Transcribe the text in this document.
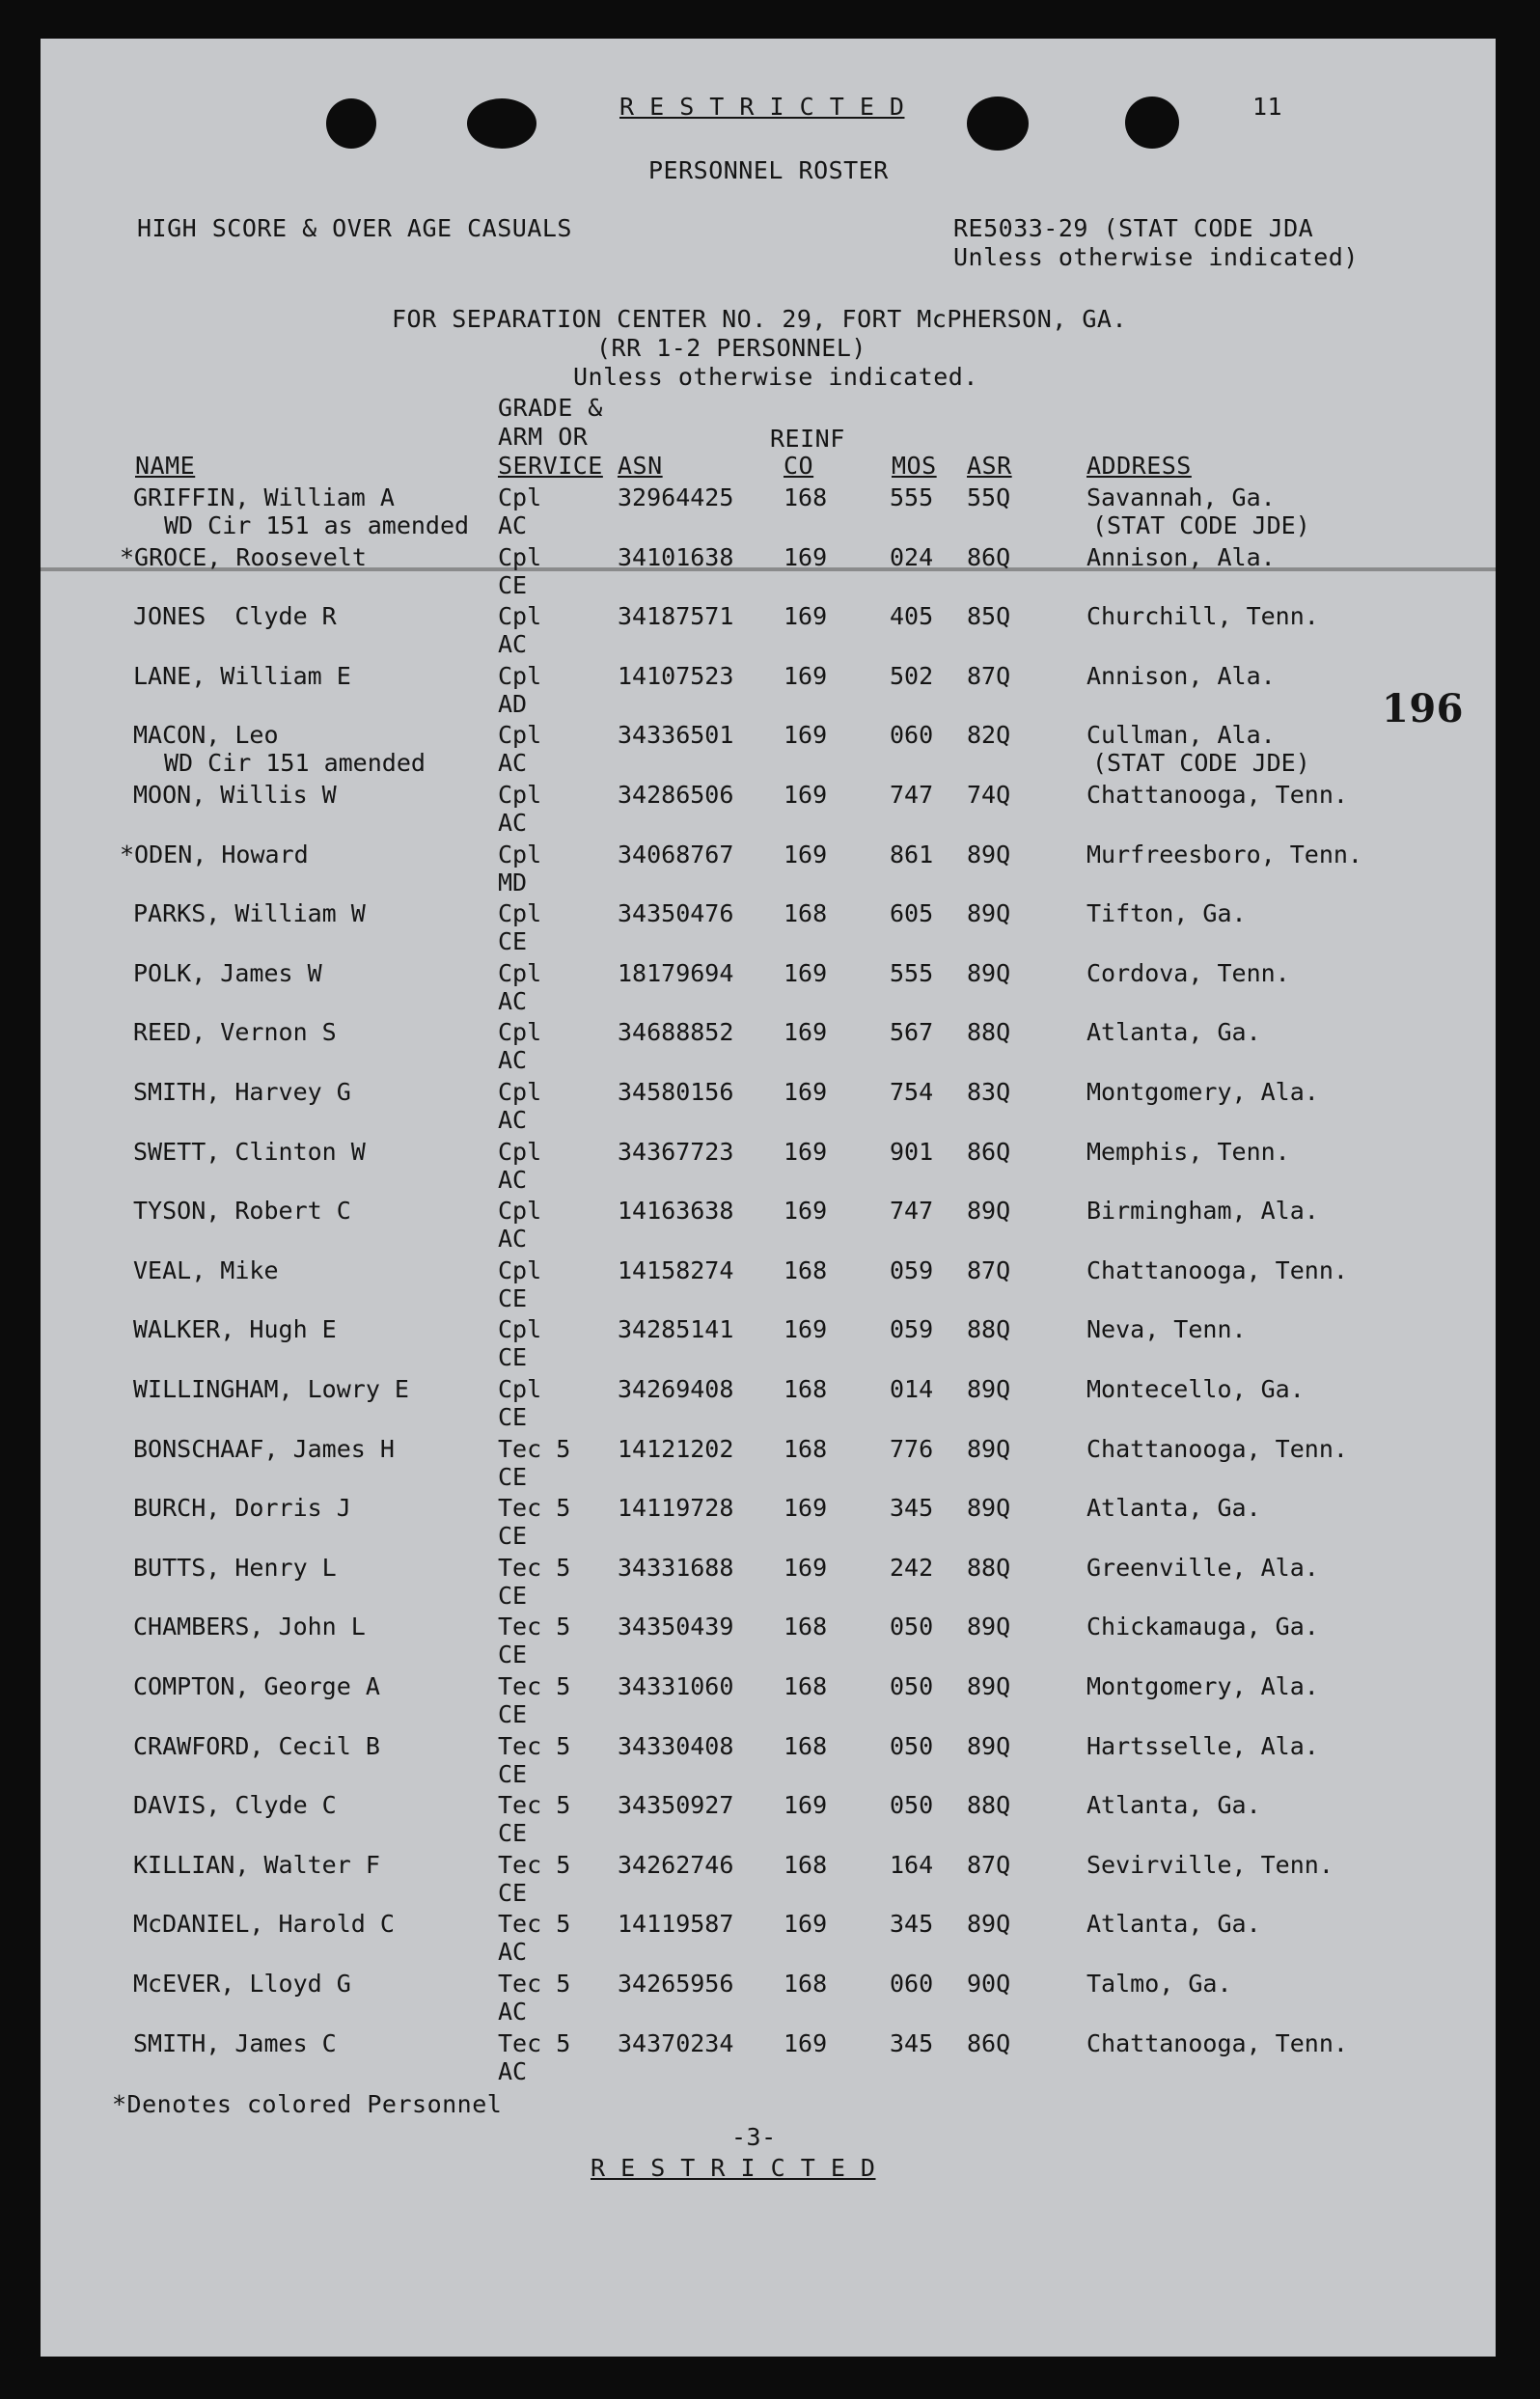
R E S T R I C T E D	11
PERSONNEL ROSTER
HIGH SCORE & OVER AGE CASUALS	RE5033-29 (STAT CODE JDA
Unless otherwise indicated)
FOR SEPARATION CENTER NO. 29, FORT McPHERSON, GA.
(RR 1-2 PERSONNEL)
Unless otherwise indicated.
196
GRADE &
ARM OR
SERVICE
NAME	ASN
REINF
CO	MOS ASR	ADDRESS
GRIFFIN, William A	Cpl	32964425 168	555 55Q	Savannah, Ga.
AC
WD Cir 151 as amended	(STAT CODE JDE)
*GROCE, Roosevelt	Cpl	34101638 169	024 86Q	Annison, Ala.
CE
JONES  Clyde R	Cpl	34187571 169	405 85Q	Churchill, Tenn.
AC
LANE, William E	Cpl	14107523 169	502 87Q	Annison, Ala.
AD
MACON, Leo	Cpl	34336501 169	060 82Q	Cullman, Ala.
AC
WD Cir 151 amended	(STAT CODE JDE)
MOON, Willis W	Cpl	34286506 169	747 74Q	Chattanooga, Tenn.
AC
*ODEN, Howard	Cpl	34068767 169	861 89Q	Murfreesboro, Tenn.
MD
PARKS, William W	Cpl	34350476 168	605 89Q	Tifton, Ga.
CE
POLK, James W	Cpl	18179694 169	555 89Q	Cordova, Tenn.
AC
REED, Vernon S	Cpl	34688852 169	567 88Q	Atlanta, Ga.
AC
SMITH, Harvey G	Cpl	34580156 169	754 83Q	Montgomery, Ala.
AC
SWETT, Clinton W	Cpl	34367723 169	901 86Q	Memphis, Tenn.
AC
TYSON, Robert C	Cpl	14163638 169	747 89Q	Birmingham, Ala.
AC
VEAL, Mike	Cpl	14158274 168	059 87Q	Chattanooga, Tenn.
CE
WALKER, Hugh E	Cpl	34285141 169	059 88Q	Neva, Tenn.
CE
WILLINGHAM, Lowry E	Cpl	34269408 168	014 89Q	Montecello, Ga.
CE
BONSCHAAF, James H	Tec 5 14121202 168	776 89Q	Chattanooga, Tenn.
CE
BURCH, Dorris J	Tec 5 14119728 169	345 89Q	Atlanta, Ga.
CE
BUTTS, Henry L	Tec 5 34331688 169	242 88Q	Greenville, Ala.
CE
CHAMBERS, John L	Tec 5 34350439 168	050 89Q	Chickamauga, Ga.
CE
COMPTON, George A	Tec 5 34331060 168	050 89Q	Montgomery, Ala.
CE
CRAWFORD, Cecil B	Tec 5 34330408 168	050 89Q	Hartsselle, Ala.
CE
DAVIS, Clyde C	Tec 5 34350927 169	050 88Q	Atlanta, Ga.
CE
KILLIAN, Walter F	Tec 5 34262746 168	164 87Q	Sevirville, Tenn.
CE
McDANIEL, Harold C	Tec 5 14119587 169	345 89Q	Atlanta, Ga.
AC
McEVER, Lloyd G	Tec 5 34265956 168	060 90Q	Talmo, Ga.
AC
SMITH, James C	Tec 5 34370234 169	345 86Q	Chattanooga, Tenn.
AC
*Denotes colored Personnel
-3-
R E S T R I C T E D
